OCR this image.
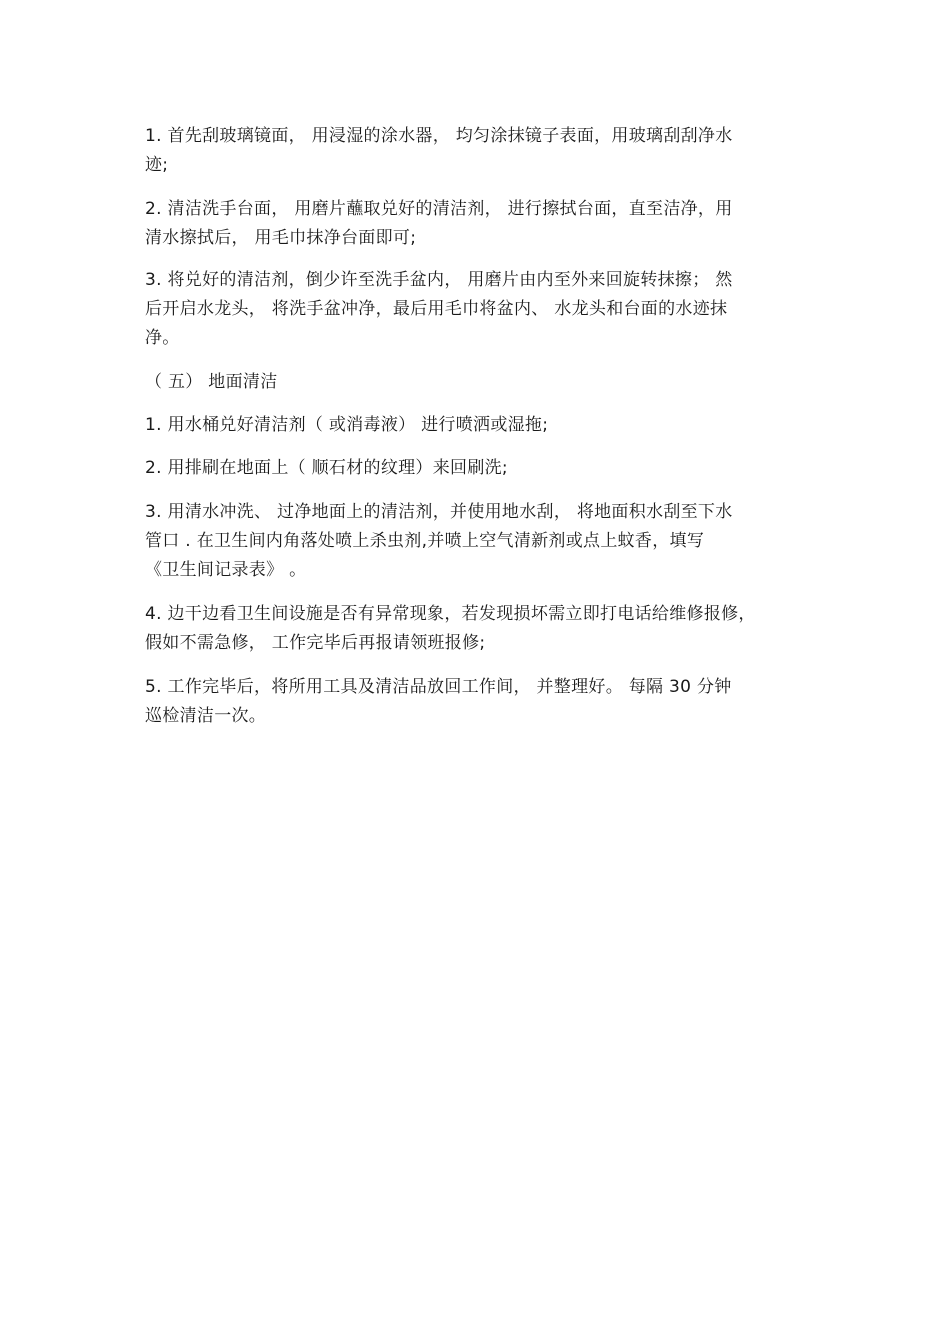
1. 首先刮玻璃镜面， 用浸湿的涂水器， 均匀涂抹镜子表面，用玻璃刮刮净水
迹;
2. 清洁洗手台面， 用磨片蘸取兑好的清洁剂， 进行擦拭台面，直至洁净，用
清水擦拭后， 用毛巾抹净台面即可;
3. 将兑好的清洁剂，倒少许至洗手盆内， 用磨片由内至外来回旋转抹擦； 然
后开启水龙头， 将洗手盆冲净，最后用毛巾将盆内、 水龙头和台面的水迹抹
净。
（ 五） 地面清洁
1. 用水桶兑好清洁剂（ 或消毒液） 进行喷洒或湿拖;
2. 用排刷在地面上（ 顺石材的纹理）来回刷洗;
3. 用清水冲洗、 过净地面上的清洁剂，并使用地水刮， 将地面积水刮至下水
管口 . 在卫生间内角落处喷上杀虫剂,并喷上空气清新剂或点上蚊香，填写
《卫生间记录表》 。
4. 边干边看卫生间设施是否有异常现象，若发现损坏需立即打电话给维修报修，
假如不需急修， 工作完毕后再报请领班报修;
5. 工作完毕后，将所用工具及清洁品放回工作间， 并整理好。 每隔 30 分钟
巡检清洁一次。
